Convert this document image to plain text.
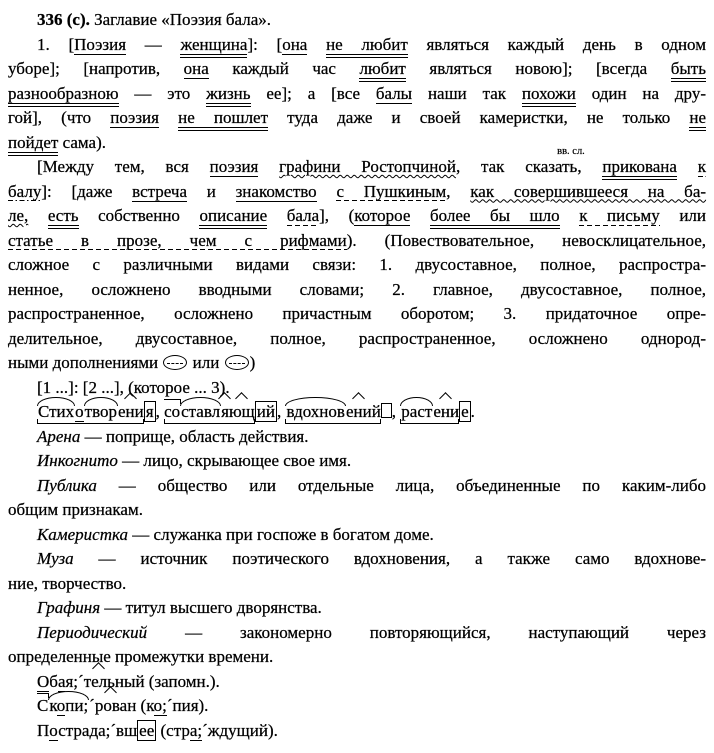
336 (с). Заглавие «Поэзия бала».
1. [Поэзия — женщина]: [она не любит являться каждый день в одном
уборе]; [напротив, она каждый час любит являться новою]; [всегда быть
разнообразною — это жизнь ее]; а [все балы наши так похожи один на дру-
гой], (что поэзия не пошлет туда даже и своей камеристки, не только не
пойдет сама).
[Между тем, вся поэзия графини Ростопчиной, так сказать
вв. сл.
, прикована к
балу]: [даже встреча и знакомство с Пушкиным, как совершившееся на ба-
ле, есть собственно описание бала], (которое более бы шло к письму или
статье в прозе, чем с рифмами). (Повествовательное, невосклицательное,
сложное с различными видами связи: 1. двусоставное, полное, распростра-
ненное, осложнено вводными словами; 2. главное, двусоставное, полное,
распространенное, осложнено причастным оборотом; 3. придаточное опре-
делительное, двусоставное, полное, распространенное, осложнено однород-
ными дополнениями
или
)
[1 ...]: [2 ...], (которое ... 3).
Стихотворени я , составляющ ий , вдохновений , растени е .
Арена — поприще, область действия.
Инкогнито — лицо, скрывающее свое имя.
Публика — общество или отдельные лица, объединенные по каким-либо
общим признакам.
Камеристка — служанка при госпоже в богатом доме.
Муза — источник поэтического вдохновения, а также само вдохнове-
ние, творчество.
Графиня — титул высшего дворянства.
Периодический — закономерно повторяющийся, наступающий через
определенные промежутки времени.
Обая;´тельный (запомн.).
Скопи;´рован (ко;´пия).
Пострада;´вш ее (стра;´ждущий).
